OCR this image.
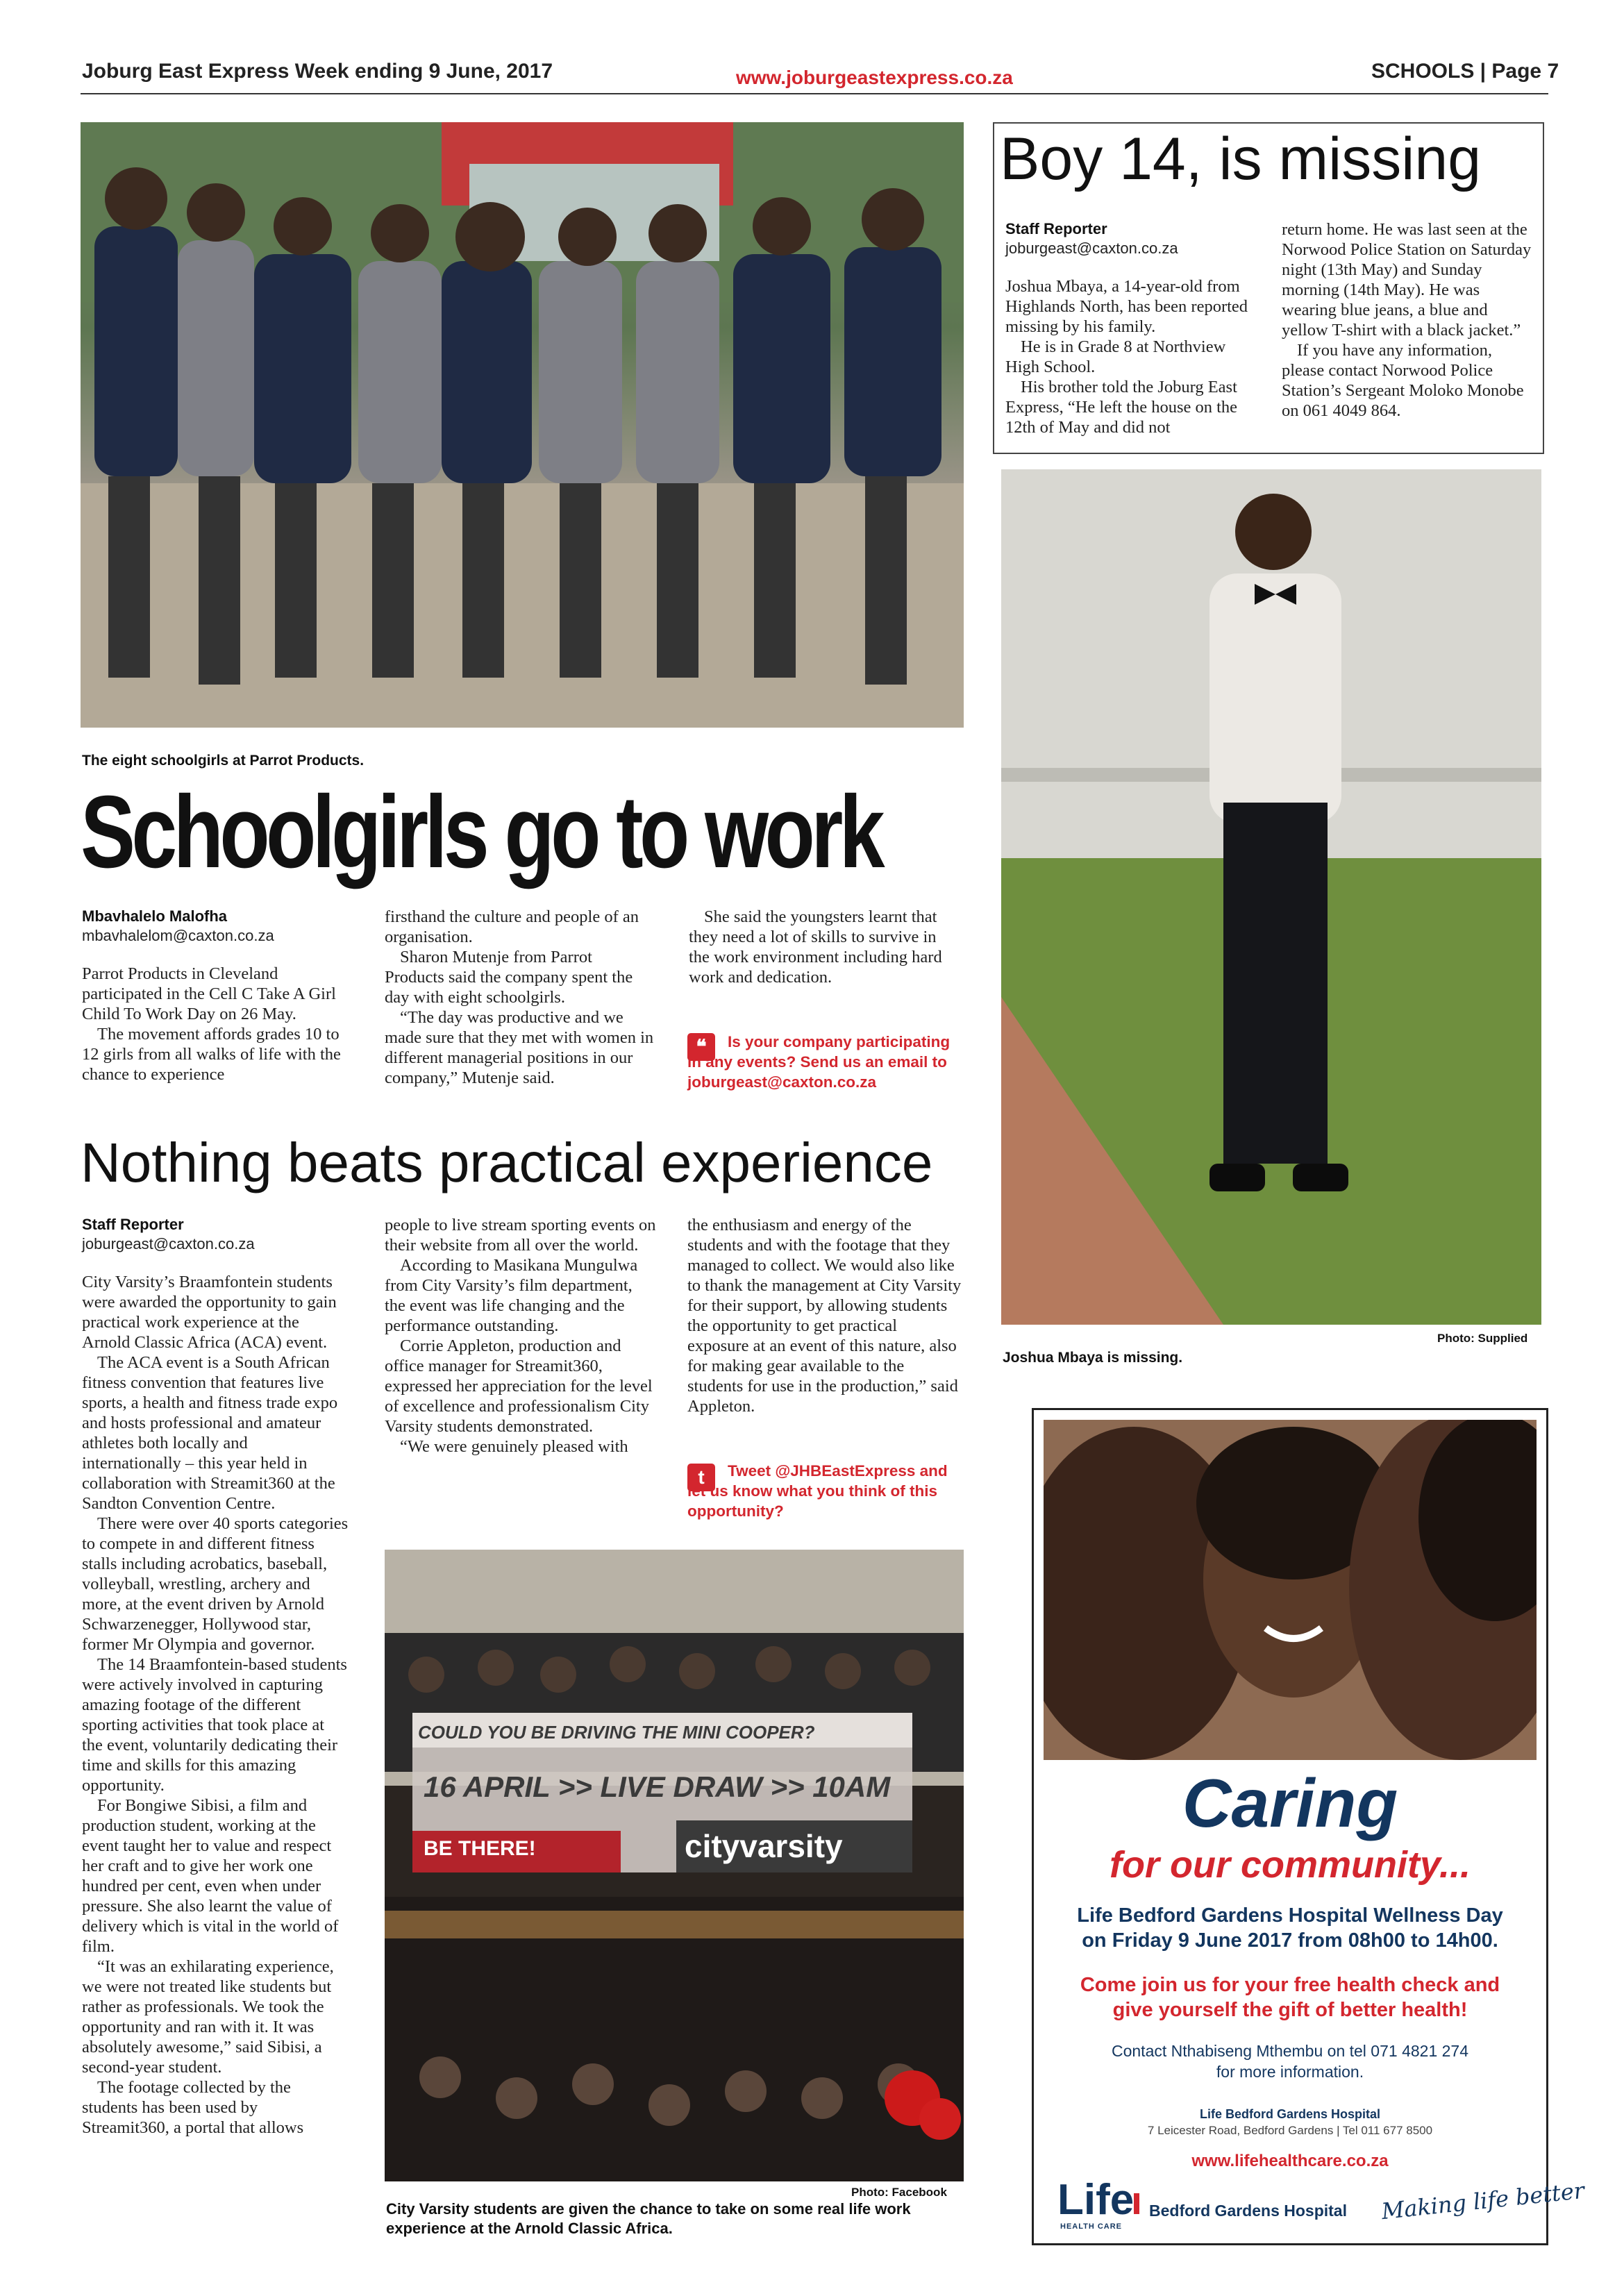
Joburg East Express Week ending 9 June, 2017	www.joburgeastexpress.co.za	SCHOOLS | Page 7
The eight schoolgirls at Parrot Products.
Schoolgirls go to work
Mbavhalelo Malofha
mbavhalelom@caxton.co.za

Parrot Products in Cleveland participated in the Cell C Take A Girl Child To Work Day on 26 May.

The movement affords grades 10 to 12 girls from all walks of life with the chance to experience

firsthand the culture and people of an organisation.

Sharon Mutenje from Parrot Products said the company spent the day with eight schoolgirls.

“The day was productive and we made sure that they met with women in different managerial positions in our company,” Mutenje said.

She said the youngsters learnt that they need a lot of skills to survive in the work environment including hard work and dedication.

❝	Is your company participating in any events? Send us an email to joburgeast@caxton.co.za
Boy 14, is missing
Staff Reporter
joburgeast@caxton.co.za

Joshua Mbaya, a 14-year-old from Highlands North, has been reported missing by his family.

He is in Grade 8 at Northview High School.

His brother told the Joburg East Express, “He left the house on the 12th of May and did not

return home. He was last seen at the Norwood Police Station on Saturday night (13th May) and Sunday morning (14th May). He was wearing blue jeans, a blue and yellow T-shirt with a black jacket.”

If you have any information, please contact Norwood Police Station’s Sergeant Moloko Monobe on 061 4049 864.

Photo: Supplied
Joshua Mbaya is missing.
Nothing beats practical experience
Staff Reporter
joburgeast@caxton.co.za

City Varsity’s Braamfontein students were awarded the opportunity to gain practical work experience at the Arnold Classic Africa (ACA) event.

The ACA event is a South African fitness convention that features live sports, a health and fitness trade expo and hosts professional and amateur athletes both locally and internationally – this year held in collaboration with Streamit360 at the Sandton Convention Centre.

There were over 40 sports categories to compete in and different fitness stalls including acrobatics, baseball, volleyball, wrestling, archery and more, at the event driven by Arnold Schwarzenegger, Hollywood star, former Mr Olympia and governor.

The 14 Braamfontein-based students were actively involved in capturing amazing footage of the different sporting activities that took place at the event, voluntarily dedicating their time and skills for this amazing opportunity.

For Bongiwe Sibisi, a film and production student, working at the event taught her to value and respect her craft and to give her work one hundred per cent, even when under pressure. She also learnt the value of delivery which is vital in the world of film.

“It was an exhilarating experience, we were not treated like students but rather as professionals. We took the opportunity and ran with it. It was absolutely awesome,” said Sibisi, a second-year student.

The footage collected by the students has been used by Streamit360, a portal that allows

people to live stream sporting events on their website from all over the world.

According to Masikana Mungulwa from City Varsity’s film department, the event was life changing and the performance outstanding.

Corrie Appleton, production and office manager for Streamit360, expressed her appreciation for the level of excellence and professionalism City Varsity students demonstrated.

“We were genuinely pleased with

the enthusiasm and energy of the students and with the footage that they managed to collect. We would also like to thank the management at City Varsity for their support, by allowing students the opportunity to get practical exposure at an event of this nature, also for making gear available to the students for use in the production,” said Appleton.

t	Tweet @JHBEastExpress and let us know what you think of this opportunity?
COULD YOU BE DRIVING THE MINI COOPER?
16 APRIL >> LIVE DRAW >> 10AM
BE THERE!	cityvarsity
Photo: Facebook
City Varsity students are given the chance to take on some real life work experience at the Arnold Classic Africa.
Caring
for our community...
Life Bedford Gardens Hospital Wellness Day
on Friday 9 June 2017 from 08h00 to 14h00.
Come join us for your free health check and
give yourself the gift of better health!
Contact Nthabiseng Mthembu on tel 071 4821 274
for more information.
Life Bedford Gardens Hospital
7 Leicester Road, Bedford Gardens | Tel 011 677 8500
www.lifehealthcare.co.za
Life
HEALTH CARE
Bedford Gardens Hospital Making life better
